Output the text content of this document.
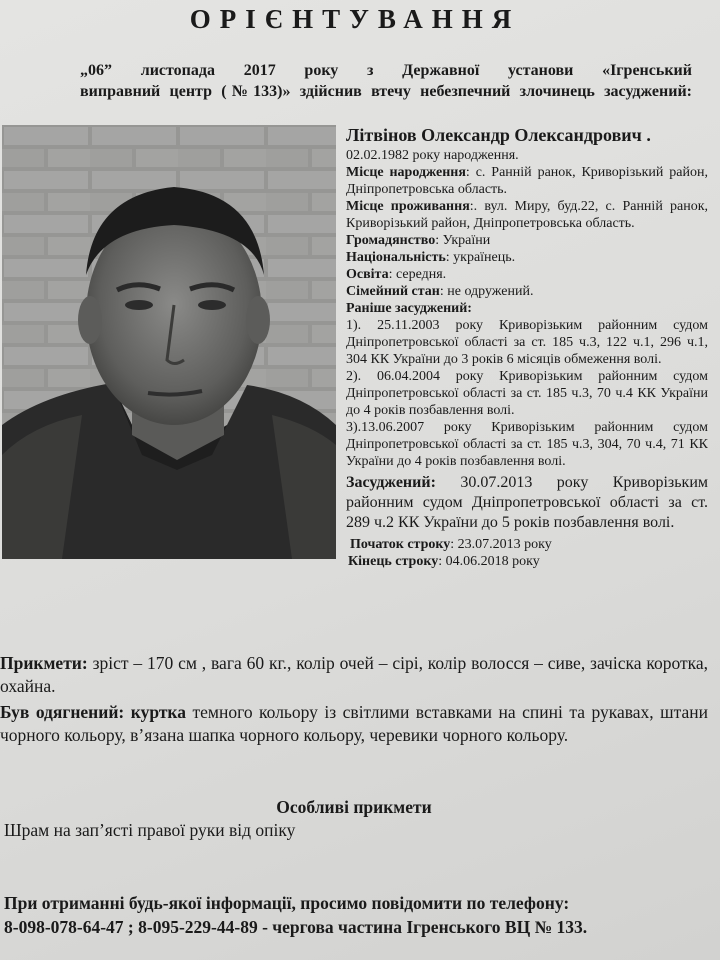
ОРІЄНТУВАННЯ
„06” листопада 2017 року з Державної установи «Ігренський
виправний центр (№133)» здійснив втечу небезпечний злочинець засуджений:
Літвінов Олександр Олександрович .

02.02.1982 року народження.

Місце народження: с. Ранній ранок, Криворізький район, Дніпропетровська область.

Місце проживання:. вул. Миру, буд.22, с. Ранній ранок, Криворізький район, Дніпропетровська область.

Громадянство: України

Національність: українець.

Освіта: середня.

Сімейний стан: не одружений.

Раніше засуджений:

1). 25.11.2003 року Криворізьким районним судом Дніпропетровської області за ст. 185 ч.3, 122 ч.1, 296 ч.1, 304 КК України до 3 років 6 місяців обмеження волі.

2). 06.04.2004 року Криворізьким районним судом Дніпропетровської області за ст. 185 ч.3, 70 ч.4 КК України до 4 років позбавлення волі.

3).13.06.2007 року Криворізьким районним судом Дніпропетровської області за ст. 185 ч.3, 304, 70 ч.4, 71 КК України до 4 років позбавлення волі.

Засуджений: 30.07.2013 року Криворізьким районним судом Дніпропетровської області за ст. 289 ч.2 КК України до 5 років позбавлення волі.

Початок строку: 23.07.2013 року

Кінець строку: 04.06.2018 року

Прикмети: зріст – 170 см , вага 60 кг., колір очей – сірі, колір волосся – сиве, зачіска коротка, охайна.

Був одягнений: куртка темного кольору із світлими вставками на спині та рукавах, штани чорного кольору, в’язана шапка чорного кольору, черевики чорного кольору.

Особливі прикмети
Шрам на зап’ясті правої руки від опіку
При отриманні будь-якої інформації, просимо повідомити по телефону:
8-098-078-64-47 ; 8-095-229-44-89 - чергова частина Ігренського ВЦ № 133.
